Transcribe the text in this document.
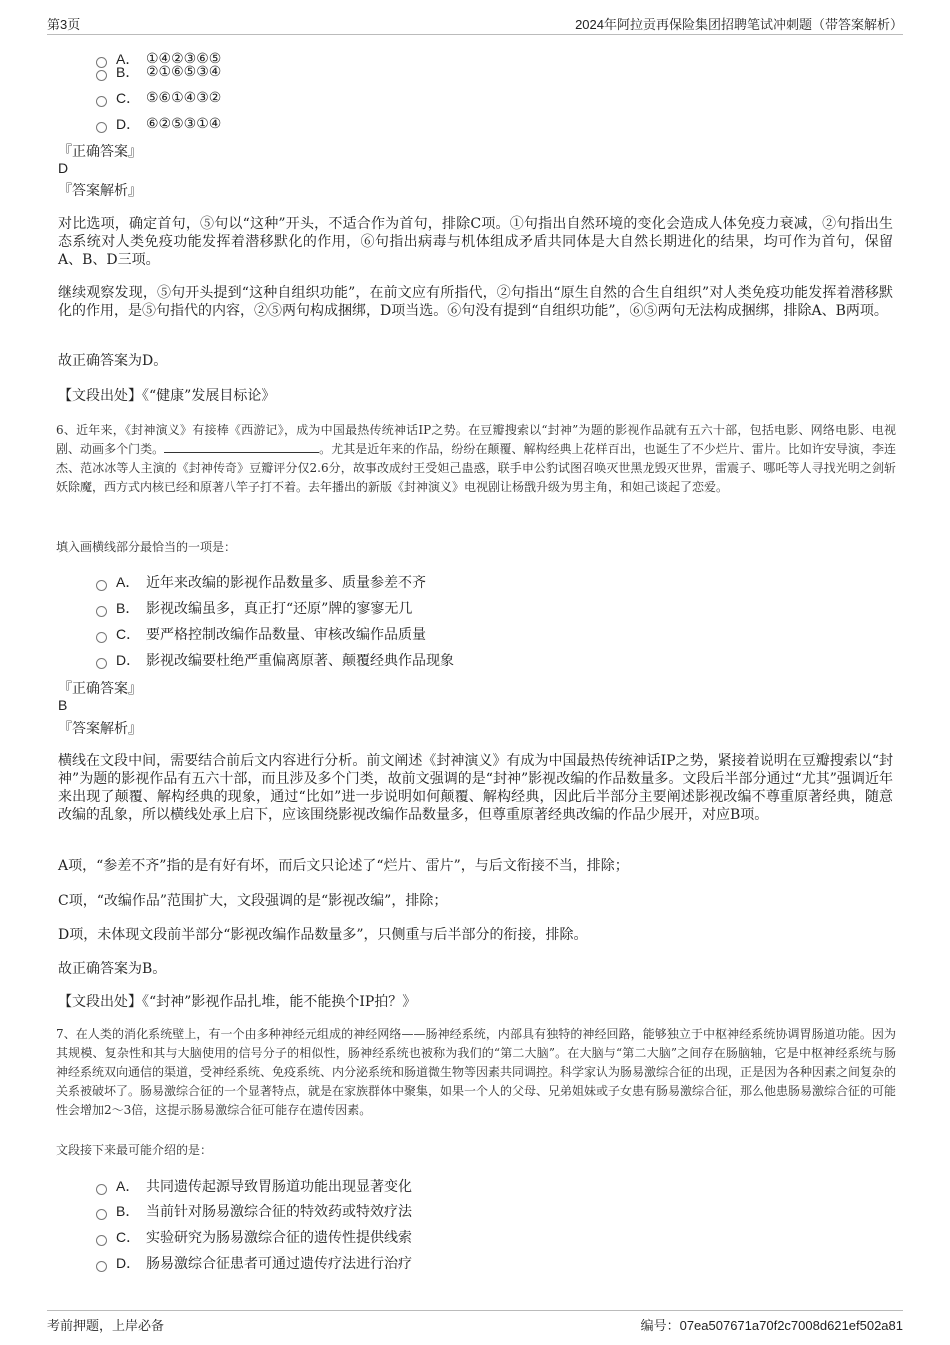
第3页	2024年阿拉贡再保险集团招聘笔试冲刺题（带答案解析）
A． ①④②③⑥⑤
B． ②①⑥⑤③④
C． ⑤⑥①④③②
D． ⑥②⑤③①④
『正确答案』
D
『答案解析』
对比选项，确定首句，⑤句以“这种”开头，不适合作为首句，排除C项。①句指出自然环境的变化会造成人体免疫力衰减，②句指出生态系统对人类免疫功能发挥着潜移默化的作用，⑥句指出病毒与机体组成矛盾共同体是大自然长期进化的结果，均可作为首句，保留A、B、D三项。
继续观察发现，⑤句开头提到“这种自组织功能”，在前文应有所指代，②句指出“原生自然的合生自组织”对人类免疫功能发挥着潜移默化的作用，是⑤句指代的内容，②⑤两句构成捆绑，D项当选。⑥句没有提到“自组织功能”，⑥⑤两句无法构成捆绑，排除A、B两项。
故正确答案为D。
【文段出处】《“健康”发展目标论》
6、近年来，《封神演义》有接棒《西游记》，成为中国最热传统神话IP之势。在豆瓣搜索以“封神”为题的影视作品就有五六十部，包括电影、网络电影、电视剧、动画多个门类。	。尤其是近年来的作品，纷纷在颠覆、解构经典上花样百出，也诞生了不少烂片、雷片。比如许安导演，李连杰、范冰冰等人主演的《封神传奇》豆瓣评分仅2.6分，故事改成纣王受妲己蛊惑，联手申公豹试图召唤灭世黑龙毁灭世界，雷震子、哪吒等人寻找光明之剑斩妖除魔，西方式内核已经和原著八竿子打不着。去年播出的新版《封神演义》电视剧让杨戬升级为男主角，和妲己谈起了恋爱。
填入画横线部分最恰当的一项是：
A． 近年来改编的影视作品数量多、质量参差不齐
B． 影视改编虽多，真正打“还原”牌的寥寥无几
C． 要严格控制改编作品数量、审核改编作品质量
D． 影视改编要杜绝严重偏离原著、颠覆经典作品现象
『正确答案』
B
『答案解析』
横线在文段中间，需要结合前后文内容进行分析。前文阐述《封神演义》有成为中国最热传统神话IP之势，紧接着说明在豆瓣搜索以“封神”为题的影视作品有五六十部，而且涉及多个门类，故前文强调的是“封神”影视改编的作品数量多。文段后半部分通过“尤其”强调近年来出现了颠覆、解构经典的现象，通过“比如”进一步说明如何颠覆、解构经典，因此后半部分主要阐述影视改编不尊重原著经典，随意改编的乱象，所以横线处承上启下，应该围绕影视改编作品数量多，但尊重原著经典改编的作品少展开，对应B项。
A项，“参差不齐”指的是有好有坏，而后文只论述了“烂片、雷片”，与后文衔接不当，排除；
C项，“改编作品”范围扩大，文段强调的是“影视改编”，排除；
D项，未体现文段前半部分“影视改编作品数量多”，只侧重与后半部分的衔接，排除。
故正确答案为B。
【文段出处】《“封神”影视作品扎堆，能不能换个IP拍？》
7、在人类的消化系统壁上，有一个由多种神经元组成的神经网络——肠神经系统，内部具有独特的神经回路，能够独立于中枢神经系统协调胃肠道功能。因为其规模、复杂性和其与大脑使用的信号分子的相似性，肠神经系统也被称为我们的“第二大脑”。在大脑与“第二大脑”之间存在肠脑轴，它是中枢神经系统与肠神经系统双向通信的渠道，受神经系统、免疫系统、内分泌系统和肠道微生物等因素共同调控。科学家认为肠易激综合征的出现，正是因为各种因素之间复杂的关系被破坏了。肠易激综合征的一个显著特点，就是在家族群体中聚集，如果一个人的父母、兄弟姐妹或子女患有肠易激综合征，那么他患肠易激综合征的可能性会增加2～3倍，这提示肠易激综合征可能存在遗传因素。
文段接下来最可能介绍的是：
A． 共同遗传起源导致胃肠道功能出现显著变化
B． 当前针对肠易激综合征的特效药或特效疗法
C． 实验研究为肠易激综合征的遗传性提供线索
D． 肠易激综合征患者可通过遗传疗法进行治疗
考前押题，上岸必备	编号：07ea507671a70f2c7008d621ef502a81
